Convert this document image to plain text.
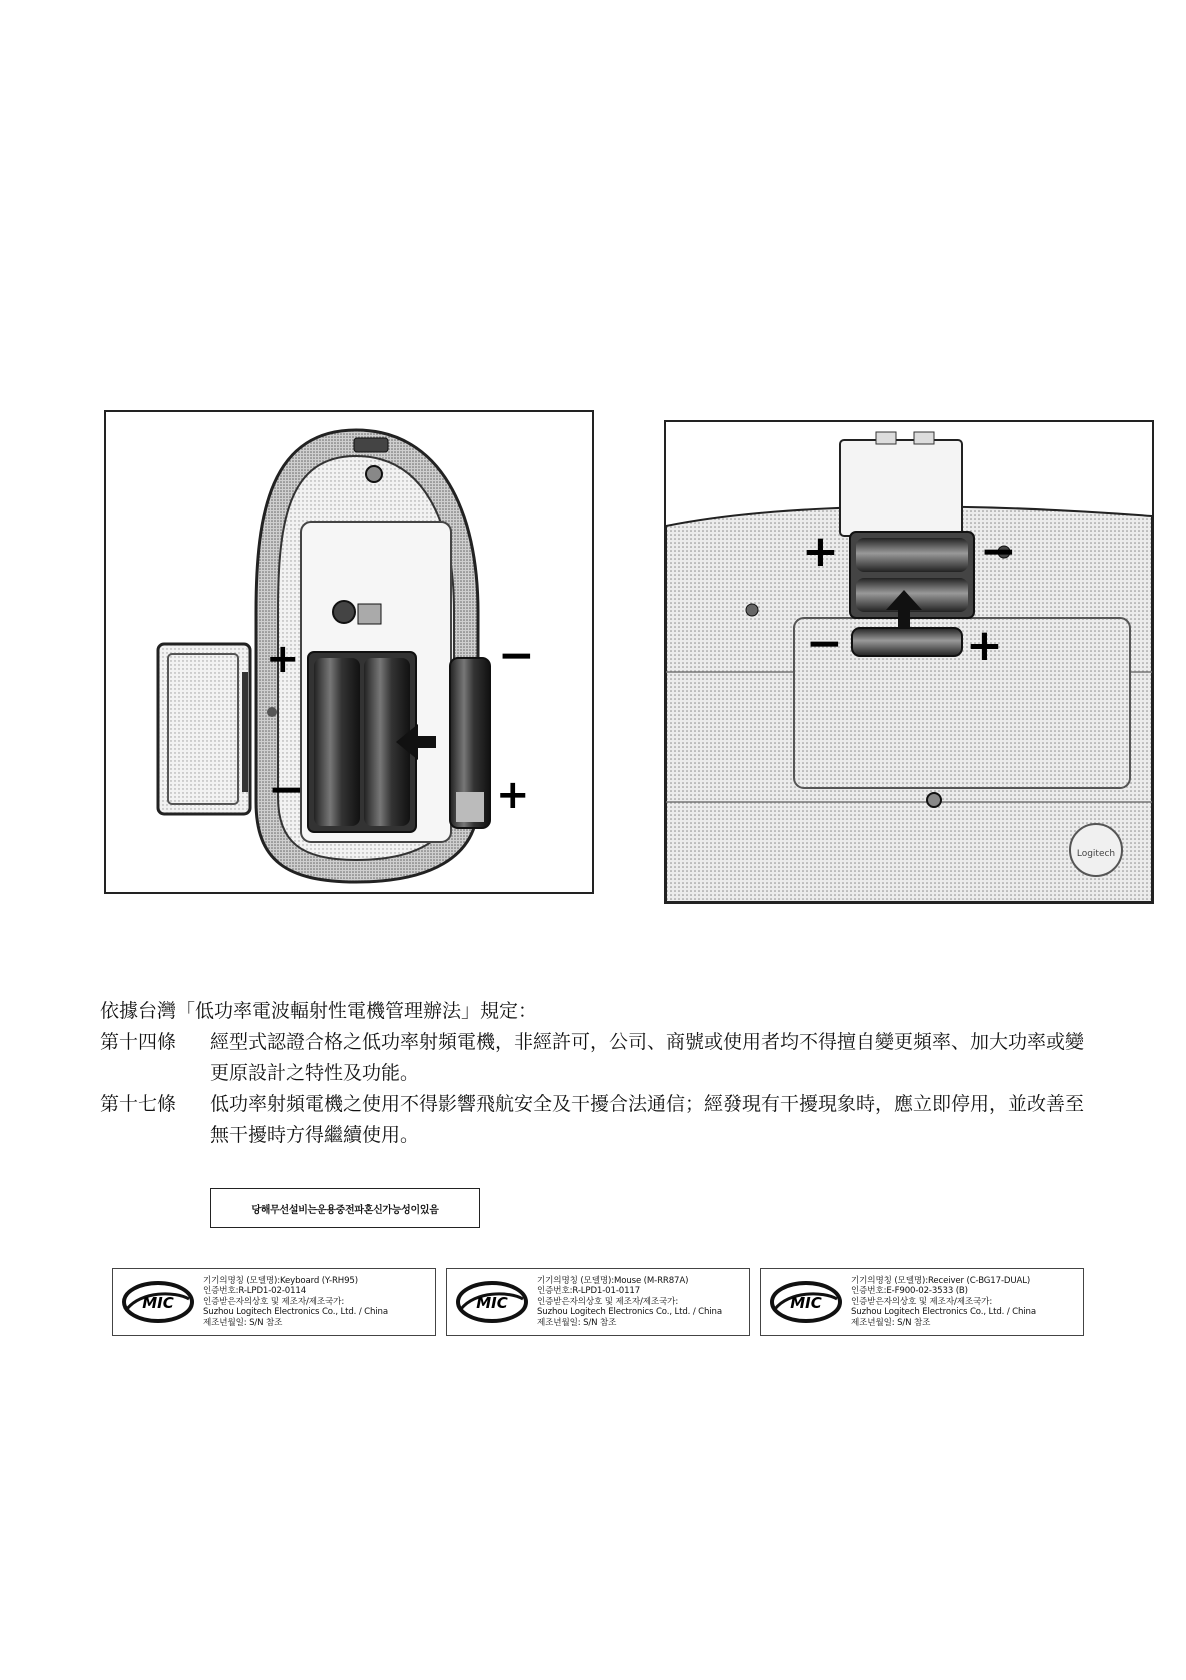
+	−
−	+
Logitech
+	−
−	+

依據台灣「低功率電波輻射性電機管理辦法」規定：

第十四條	經型式認證合格之低功率射頻電機，非經許可，公司、商號或使用者均不得擅自變更頻率、加大功率或變更原設計之特性及功能。
第十七條	低功率射頻電機之使用不得影響飛航安全及干擾合法通信；經發現有干擾現象時，應立即停用，並改善至無干擾時方得繼續使用。
당해무선설비는운용중전파혼신가능성이있음
MIC
기기의명칭 (모델명):Keyboard (Y-RH95)
인증번호:R-LPD1-02-0114
인증받은자의상호 및 제조자/제조국가:
Suzhou Logitech Electronics Co., Ltd. / China
제조년월일: S/N 참조
MIC
기기의명칭 (모델명):Mouse (M-RR87A)
인증번호:R-LPD1-01-0117
인증받은자의상호 및 제조자/제조국가:
Suzhou Logitech Electronics Co., Ltd. / China
제조년월일: S/N 참조
MIC
기기의명칭 (모델명):Receiver (C-BG17-DUAL)
인증번호:E-F900-02-3533 (B)
인증받은자의상호 및 제조자/제조국가:
Suzhou Logitech Electronics Co., Ltd. / China
제조년월일: S/N 참조
